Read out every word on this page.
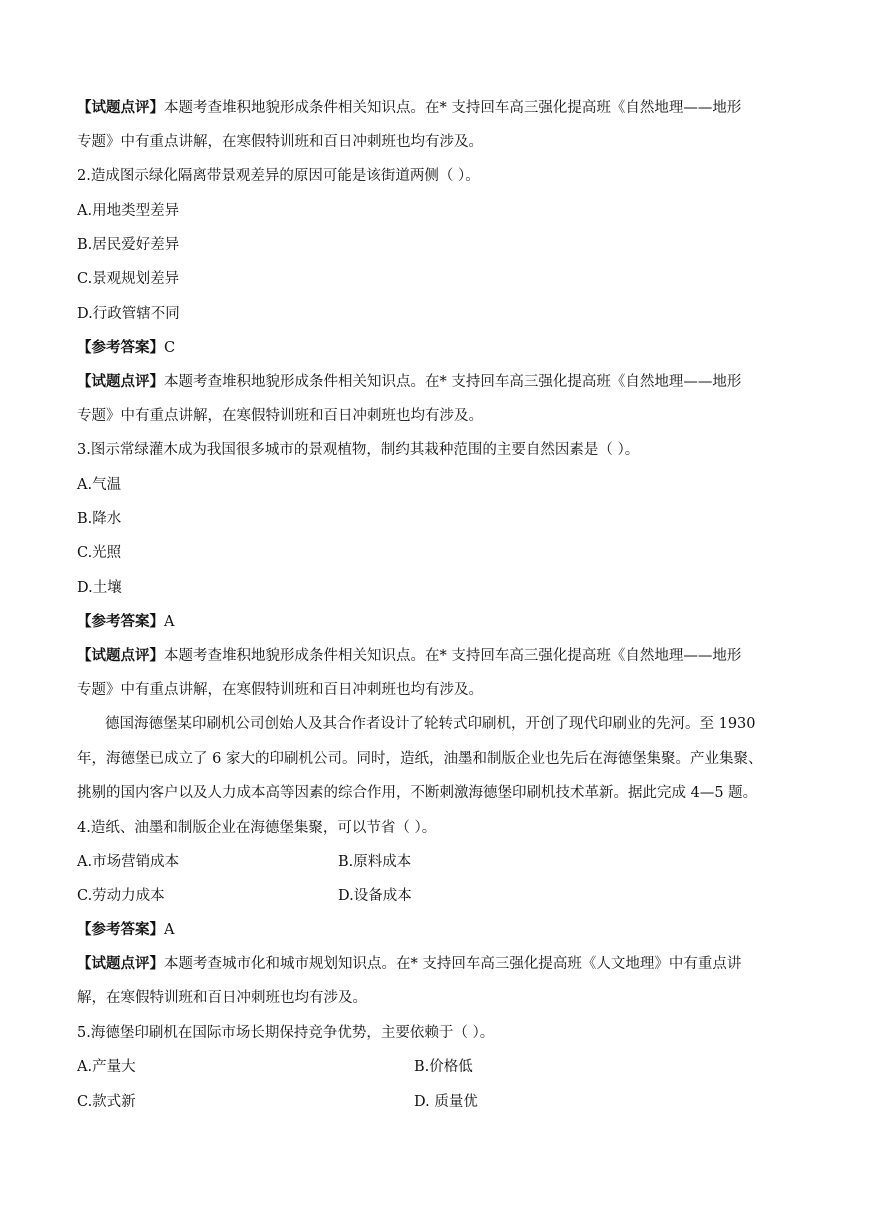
【试题点评】本题考查堆积地貌形成条件相关知识点。在* 支持回车高三强化提高班《自然地理——地形
专题》中有重点讲解，在寒假特训班和百日冲刺班也均有涉及。
2.造成图示绿化隔离带景观差异的原因可能是该街道两侧（ ）。
A.用地类型差异
B.居民爱好差异
C.景观规划差异
D.行政管辖不同
【参考答案】C
【试题点评】本题考查堆积地貌形成条件相关知识点。在* 支持回车高三强化提高班《自然地理——地形
专题》中有重点讲解，在寒假特训班和百日冲刺班也均有涉及。
3.图示常绿灌木成为我国很多城市的景观植物，制约其栽种范围的主要自然因素是（ ）。
A.气温
B.降水
C.光照
D.土壤
【参考答案】A
【试题点评】本题考查堆积地貌形成条件相关知识点。在* 支持回车高三强化提高班《自然地理——地形
专题》中有重点讲解，在寒假特训班和百日冲刺班也均有涉及。
德国海德堡某印刷机公司创始人及其合作者设计了轮转式印刷机，开创了现代印刷业的先河。至 1930
年，海德堡已成立了 6 家大的印刷机公司。同时，造纸，油墨和制版企业也先后在海德堡集聚。产业集聚、
挑剔的国内客户以及人力成本高等因素的综合作用，不断刺激海德堡印刷机技术革新。据此完成 4—5 题。
4.造纸、油墨和制版企业在海德堡集聚，可以节省（ ）。
A.市场营销成本	B.原料成本
C.劳动力成本	D.设备成本
【参考答案】A
【试题点评】本题考查城市化和城市规划知识点。在* 支持回车高三强化提高班《人文地理》中有重点讲
解，在寒假特训班和百日冲刺班也均有涉及。
5.海德堡印刷机在国际市场长期保持竞争优势，主要依赖于（ ）。
A.产量大	B.价格低
C.款式新	D. 质量优
